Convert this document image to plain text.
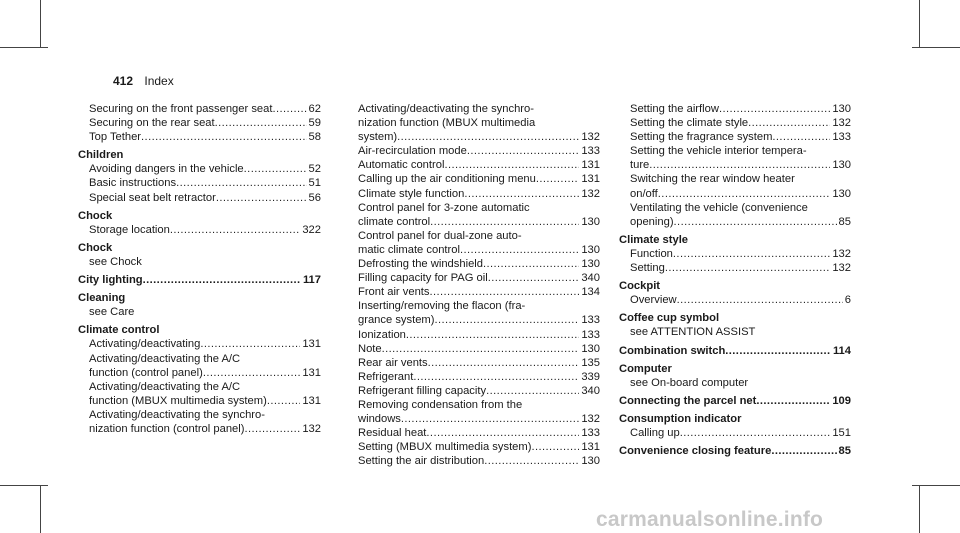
412 Index
Securing on the front passenger seat .....	62
Securing on the rear seat .....	59
Top Tether .....	58
Children
Avoiding dangers in the vehicle .....	52
Basic instructions .....	51
Special seat belt retractor .....	56
Chock
Storage location .....	322
Chock
see Chock
City lighting .....	117
Cleaning
see Care
Climate control
Activating/deactivating .....	131
Activating/deactivating the A/C
function (control panel) .....	131
Activating/deactivating the A/C
function (MBUX multimedia system) .....	131
Activating/deactivating the synchro-
nization function (control panel) .....	132
Activating/deactivating the synchro-
nization function (MBUX multimedia
system) .....	132
Air-recirculation mode .....	133
Automatic control .....	131
Calling up the air conditioning menu .....	131
Climate style function .....	132
Control panel for 3-zone automatic
climate control .....	130
Control panel for dual-zone auto-
matic climate control .....	130
Defrosting the windshield .....	130
Filling capacity for PAG oil .....	340
Front air vents .....	134
Inserting/removing the flacon (fra-
grance system) .....	133
Ionization .....	133
Note .....	130
Rear air vents .....	135
Refrigerant .....	339
Refrigerant filling capacity .....	340
Removing condensation from the
windows .....	132
Residual heat .....	133
Setting (MBUX multimedia system) .....	131
Setting the air distribution .....	130
Setting the airflow .....	130
Setting the climate style .....	132
Setting the fragrance system .....	133
Setting the vehicle interior tempera-
ture .....	130
Switching the rear window heater
on/off .....	130
Ventilating the vehicle (convenience
opening) .....	85
Climate style
Function .....	132
Setting .....	132
Cockpit
Overview .....	6
Coffee cup symbol
see ATTENTION ASSIST
Combination switch .....	114
Computer
see On-board computer
Connecting the parcel net .....	109
Consumption indicator
Calling up .....	151
Convenience closing feature .....	85
carmanualsonline.info
